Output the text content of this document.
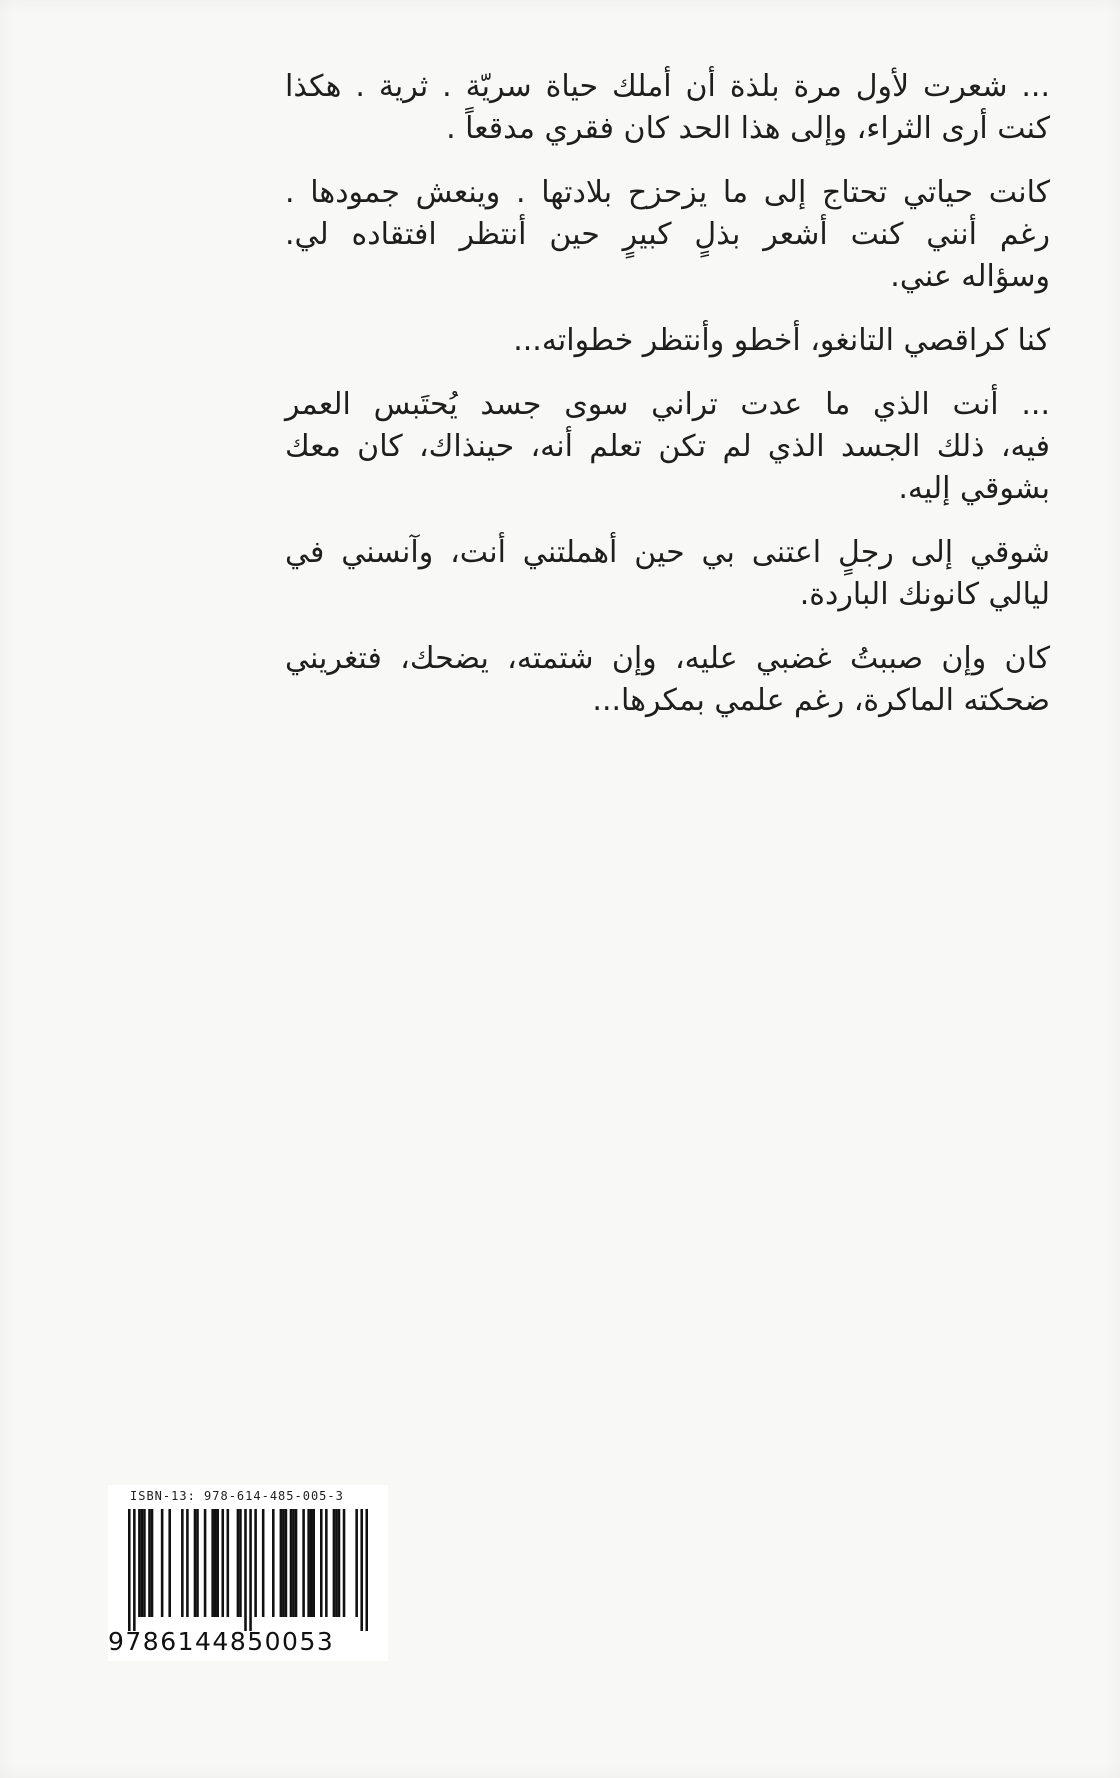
... شعرت لأول مرة بلذة أن أملك حياة سريّة . ثرية . هكذا
كنت أرى الثراء، وإلى هذا الحد كان فقري مدقعاً .

كانت حياتي تحتاج إلى ما يزحزح بلادتها . وينعش جمودها .
رغم أنني كنت أشعر بذلٍ كبيرٍ حين أنتظر افتقاده لي.
وسؤاله عني.

كنا كراقصي التانغو، أخطو وأنتظر خطواته...

... أنت الذي ما عدت تراني سوى جسد يُحتَبس العمر
فيه، ذلك الجسد الذي لم تكن تعلم أنه، حينذاك، كان معك
بشوقي إليه.

شوقي إلى رجلٍ اعتنى بي حين أهملتني أنت، وآنسني في
ليالي كانونك الباردة.

كان وإن صببتُ غضبي عليه، وإن شتمته، يضحك، فتغريني
ضحكته الماكرة، رغم علمي بمكرها...

ISBN-13: 978-614-485-005-3
9786144850053
